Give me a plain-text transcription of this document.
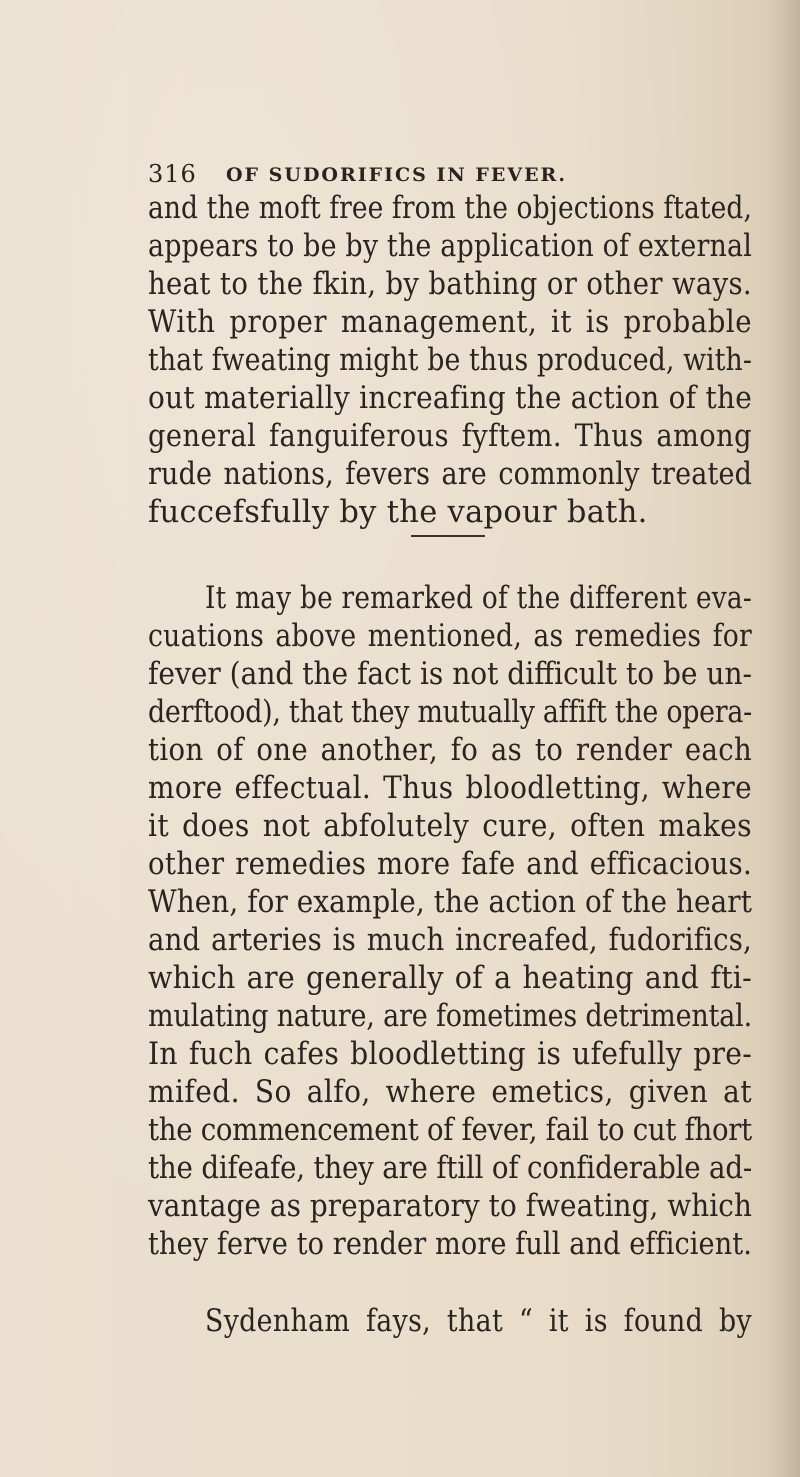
316 OF SUDORIFICS IN FEVER.
and the moft free from the objections ftated,
appears to be by the application of external
heat to the fkin, by bathing or other ways.
With proper management, it is probable
that fweating might be thus produced, with-
out materially increafing the action of the
general fanguiferous fyftem. Thus among
rude nations, fevers are commonly treated
fuccefsfully by the vapour bath.
It may be remarked of the different eva-
cuations above mentioned, as remedies for
fever (and the fact is not difficult to be un-
derftood), that they mutually affift the opera-
tion of one another, fo as to render each
more effectual. Thus bloodletting, where
it does not abfolutely cure, often makes
other remedies more fafe and efficacious.
When, for example, the action of the heart
and arteries is much increafed, fudorifics,
which are generally of a heating and fti-
mulating nature, are fometimes detrimental.
In fuch cafes bloodletting is ufefully pre-
mifed. So alfo, where emetics, given at
the commencement of fever, fail to cut fhort
the difeafe, they are ftill of confiderable ad-
vantage as preparatory to fweating, which
they ferve to render more full and efficient.
Sydenham fays, that “ it is found by
